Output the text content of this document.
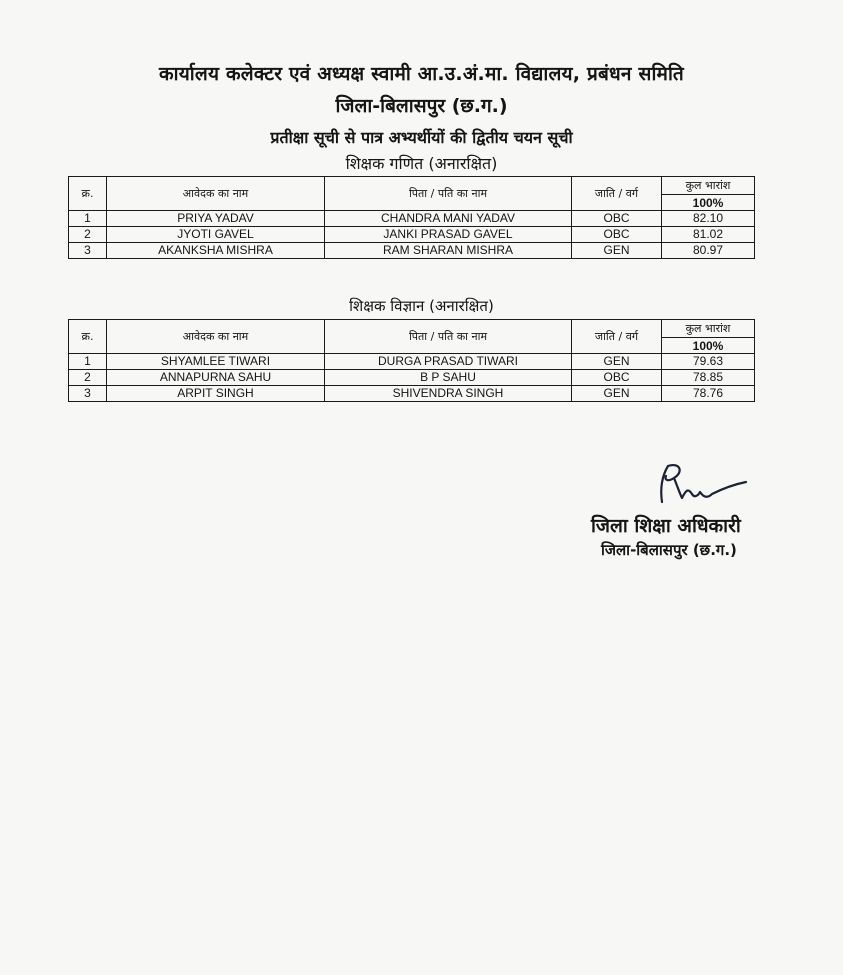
कार्यालय कलेक्टर एवं अध्यक्ष स्वामी आ.उ.अं.मा. विद्यालय, प्रबंधन समिति
जिला-बिलासपुर (छ.ग.)
प्रतीक्षा सूची से पात्र अभ्यर्थीयों की द्वितीय चयन सूची
शिक्षक गणित (अनारक्षित)
क्र.	आवेदक का नाम	पिता / पति का नाम	जाति / वर्ग	कुल भारांश
				100%
1	PRIYA YADAV	CHANDRA MANI YADAV	OBC	82.10
2	JYOTI GAVEL	JANKI PRASAD GAVEL	OBC	81.02
3	AKANKSHA MISHRA	RAM SHARAN MISHRA	GEN	80.97
शिक्षक विज्ञान (अनारक्षित)
क्र.	आवेदक का नाम	पिता / पति का नाम	जाति / वर्ग	कुल भारांश
				100%
1	SHYAMLEE TIWARI	DURGA PRASAD TIWARI	GEN	79.63
2	ANNAPURNA SAHU	B P SAHU	OBC	78.85
3	ARPIT SINGH	SHIVENDRA SINGH	GEN	78.76
जिला शिक्षा अधिकारी
जिला-बिलासपुर (छ.ग.)
